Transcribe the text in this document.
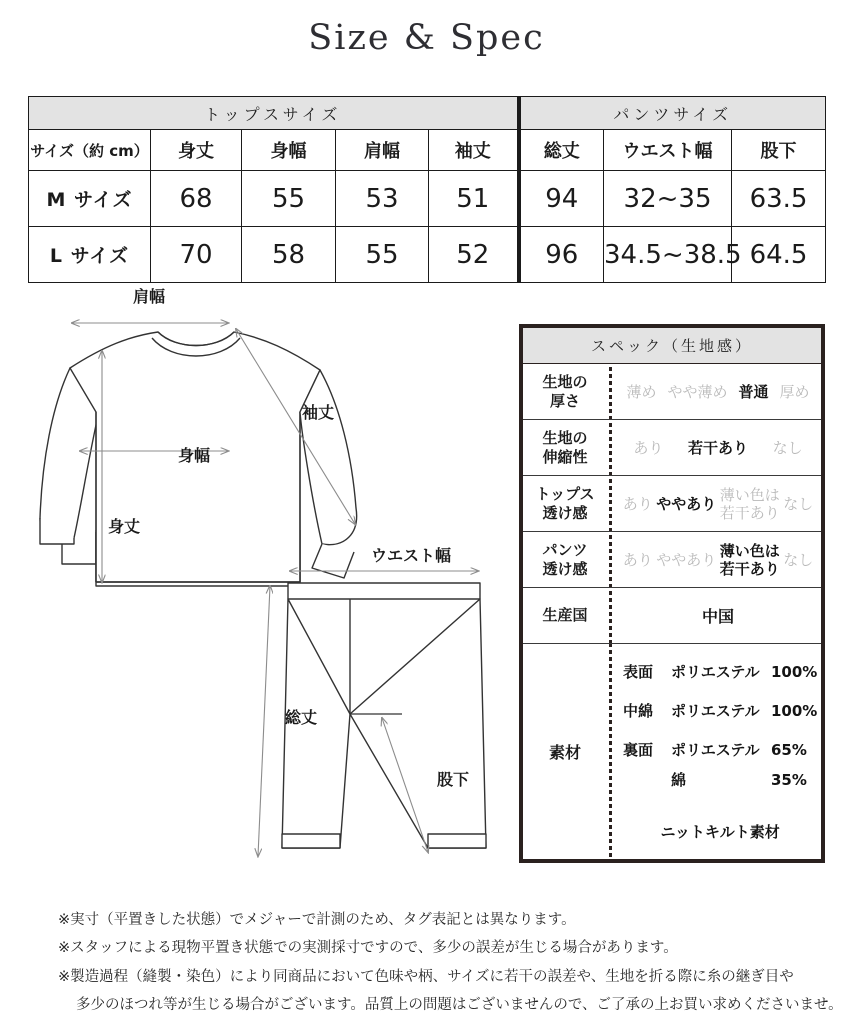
Size & Spec
トップスサイズ					パンツサイズ		
サイズ（約 cm）	身丈	身幅	肩幅	袖丈	総丈	ウエスト幅	股下
M サイズ	68	55	53	51	94	32~35	63.5
L サイズ	70	58	55	52	96	34.5~38.5	64.5
肩幅
身幅
身丈
袖丈
ウエスト幅
総丈
股下
スペック（生地感）
生地の
厚さ	薄め やや薄め 普通 厚め
生地の
伸縮性	あり 若干あり なし
トップス
透け感	あり ややあり 薄い色は
若干あり なし
パンツ
透け感 あり ややあり 薄い色は
若干あり なし
生産国	中国
素材
表面	ポリエステル 100%
中綿	ポリエステル 100%
裏面	ポリエステル 65%
綿	35%
ニットキルト素材
※実寸（平置きした状態）でメジャーで計測のため、タグ表記とは異なります。
※スタッフによる現物平置き状態での実測採寸ですので、多少の誤差が生じる場合があります。
※製造過程（縫製・染色）により同商品において色味や柄、サイズに若干の誤差や、生地を折る際に糸の継ぎ目や
多少のほつれ等が生じる場合がございます。品質上の問題はございませんので、ご了承の上お買い求めくださいませ。
